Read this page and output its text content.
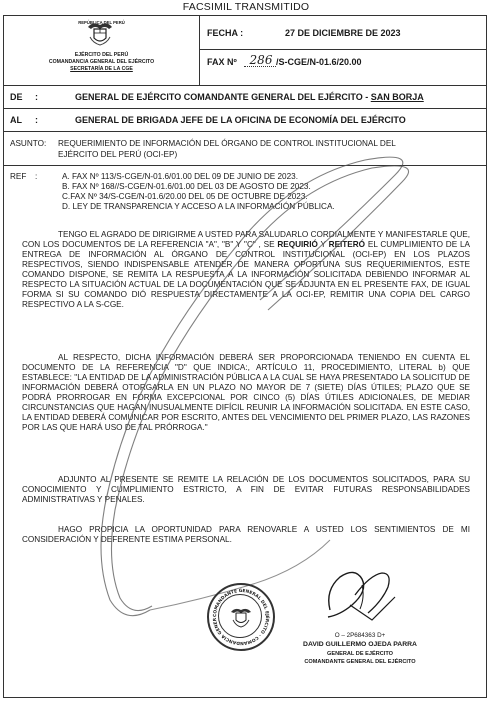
FACSIMIL TRANSMITIDO
REPÚBLICA DEL PERÚ
EJÉRCITO DEL PERÚ
COMANDANCIA GENERAL DEL EJÉRCITO
SECRETARÍA DE LA CGE
FECHA :	27 DE DICIEMBRE DE 2023
FAX Nº 286 /S-CGE/N-01.6/20.00
DE :	GENERAL DE EJÉRCITO COMANDANTE GENERAL DEL EJÉRCITO - SAN BORJA
AL :	GENERAL DE BRIGADA JEFE DE LA OFICINA DE ECONOMÍA DEL EJÉRCITO
ASUNTO: REQUERIMIENTO DE INFORMACIÓN DEL ÓRGANO DE CONTROL INSTITUCIONAL DEL
EJÉRCITO DEL PERÚ (OCI-EP)
REF :	A. FAX Nº 113/S-CGE/N-01.6/01.00 DEL 09 DE JUNIO DE 2023.
B. FAX Nº 168//S-CGE/N-01.6/01.00 DEL 03 DE AGOSTO DE 2023.
C.FAX Nº 34/S-CGE/N-01.6/20.00 DEL 05 DE OCTUBRE DE 2023.
D. LEY DE TRANSPARENCIA Y ACCESO A LA INFORMACIÓN PÚBLICA.
TENGO EL AGRADO DE DIRIGIRME A USTED PARA SALUDARLO CORDIALMENTE Y MANIFESTARLE QUE, CON LOS DOCUMENTOS DE LA REFERENCIA "A", "B" Y "C" , SE REQUIRIÓ Y REITERÓ EL CUMPLIMIENTO DE LA ENTREGA DE INFORMACIÓN AL ÓRGANO DE CONTROL INSTITUCIONAL (OCI-EP) EN LOS PLAZOS RESPECTIVOS, SIENDO INDISPENSABLE ATENDER DE MANERA OPORTUNA SUS REQUERIMIENTOS, ESTE COMANDO DISPONE, SE REMITA LA RESPUESTA A LA INFORMACIÓN SOLICITADA DEBIENDO INFORMAR AL RESPECTO LA SITUACIÓN ACTUAL DE LA DOCUMENTACIÓN QUE SE ADJUNTA EN EL PRESENTE FAX, DE IGUAL FORMA SI SU COMANDO DIÓ RESPUESTA DIRECTAMENTE A LA OCI-EP, REMITIR UNA COPIA DEL CARGO RESPECTIVO A LA S-CGE.
AL RESPECTO, DICHA INFORMACIÓN DEBERÁ SER PROPORCIONADA TENIENDO EN CUENTA EL DOCUMENTO DE LA REFERENCIA "D" QUE INDICA:, ARTÍCULO 11, PROCEDIMIENTO, LITERAL b) QUE ESTABLECE: "LA ENTIDAD DE LA ADMINISTRACIÓN PÚBLICA A LA CUAL SE HAYA PRESENTADO LA SOLICITUD DE INFORMACIÓN DEBERÁ OTORGARLA EN UN PLAZO NO MAYOR DE 7 (SIETE) DÍAS ÚTILES; PLAZO QUE SE PODRÁ PRORROGAR EN FORMA EXCEPCIONAL POR CINCO (5) DÍAS ÚTILES ADICIONALES, DE MEDIAR CIRCUNSTANCIAS QUE HAGAN INUSUALMENTE DIFÍCIL REUNIR LA INFORMACIÓN SOLICITADA. EN ESTE CASO, LA ENTIDAD DEBERÁ COMUNICAR POR ESCRITO, ANTES DEL VENCIMIENTO DEL PRIMER PLAZO, LAS RAZONES POR LAS QUE HARÁ USO DE TAL PRÓRROGA."
ADJUNTO AL PRESENTE SE REMITE LA RELACIÓN DE LOS DOCUMENTOS SOLICITADOS, PARA SU CONOCIMIENTO Y CUMPLIMIENTO ESTRICTO, A FIN DE EVITAR FUTURAS RESPONSABILIDADES ADMINISTRATIVAS Y PENALES.
HAGO PROPICIA LA OPORTUNIDAD PARA RENOVARLE A USTED LOS SENTIMIENTOS DE MI CONSIDERACIÓN Y DEFERENTE ESTIMA PERSONAL.
COMANDANTE GENERAL DEL EJÉRCITO · COMANDANCIA GENER
O – 2P684363 D+
DAVID GUILLERMO OJEDA PARRA
GENERAL DE EJÉRCITO
COMANDANTE GENERAL DEL EJÉRCITO
